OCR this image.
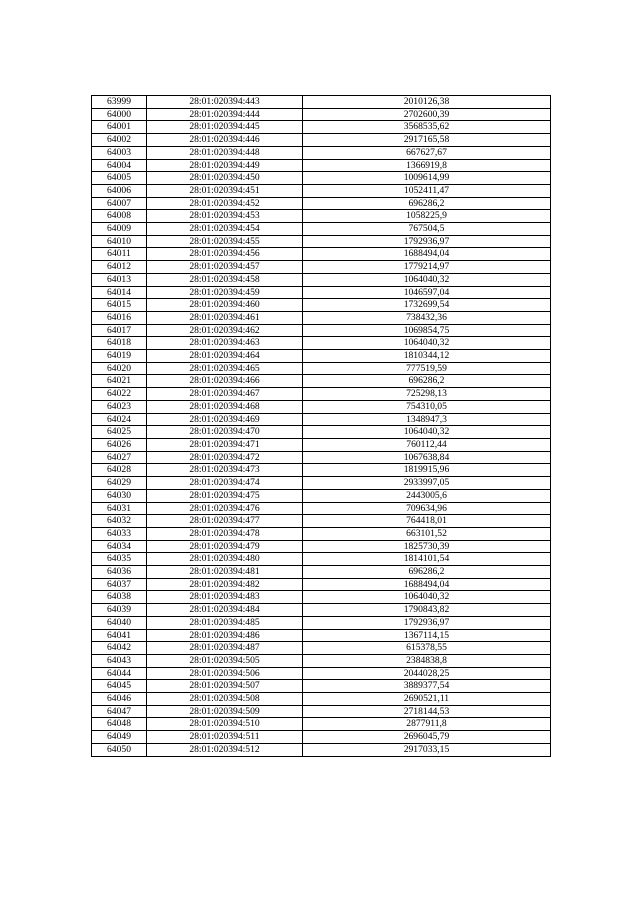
63999	28:01:020394:443	2010126,38
64000	28:01:020394:444	2702600,39
64001	28:01:020394:445	3568535,62
64002	28:01:020394:446	2917165,58
64003	28:01:020394:448	667627,67
64004	28:01:020394:449	1366919,8
64005	28:01:020394:450	1009614,99
64006	28:01:020394:451	1052411,47
64007	28:01:020394:452	696286,2
64008	28:01:020394:453	1058225,9
64009	28:01:020394:454	767504,5
64010	28:01:020394:455	1792936,97
64011	28:01:020394:456	1688494,04
64012	28:01:020394:457	1779214,97
64013	28:01:020394:458	1064040,32
64014	28:01:020394:459	1046597,04
64015	28:01:020394:460	1732699,54
64016	28:01:020394:461	738432,36
64017	28:01:020394:462	1069854,75
64018	28:01:020394:463	1064040,32
64019	28:01:020394:464	1810344,12
64020	28:01:020394:465	777519,59
64021	28:01:020394:466	696286,2
64022	28:01:020394:467	725298,13
64023	28:01:020394:468	754310,05
64024	28:01:020394:469	1348947,3
64025	28:01:020394:470	1064040,32
64026	28:01:020394:471	760112,44
64027	28:01:020394:472	1067638,84
64028	28:01:020394:473	1819915,96
64029	28:01:020394:474	2933997,05
64030	28:01:020394:475	2443005,6
64031	28:01:020394:476	709634,96
64032	28:01:020394:477	764418,01
64033	28:01:020394:478	663101,52
64034	28:01:020394:479	1825730,39
64035	28:01:020394:480	1814101,54
64036	28:01:020394:481	696286,2
64037	28:01:020394:482	1688494,04
64038	28:01:020394:483	1064040,32
64039	28:01:020394:484	1790843,82
64040	28:01:020394:485	1792936,97
64041	28:01:020394:486	1367114,15
64042	28:01:020394:487	615378,55
64043	28:01:020394:505	2384838,8
64044	28:01:020394:506	2044028,25
64045	28:01:020394:507	3889377,54
64046	28:01:020394:508	2690521,11
64047	28:01:020394:509	2718144,53
64048	28:01:020394:510	2877911,8
64049	28:01:020394:511	2696045,79
64050	28:01:020394:512	2917033,15
